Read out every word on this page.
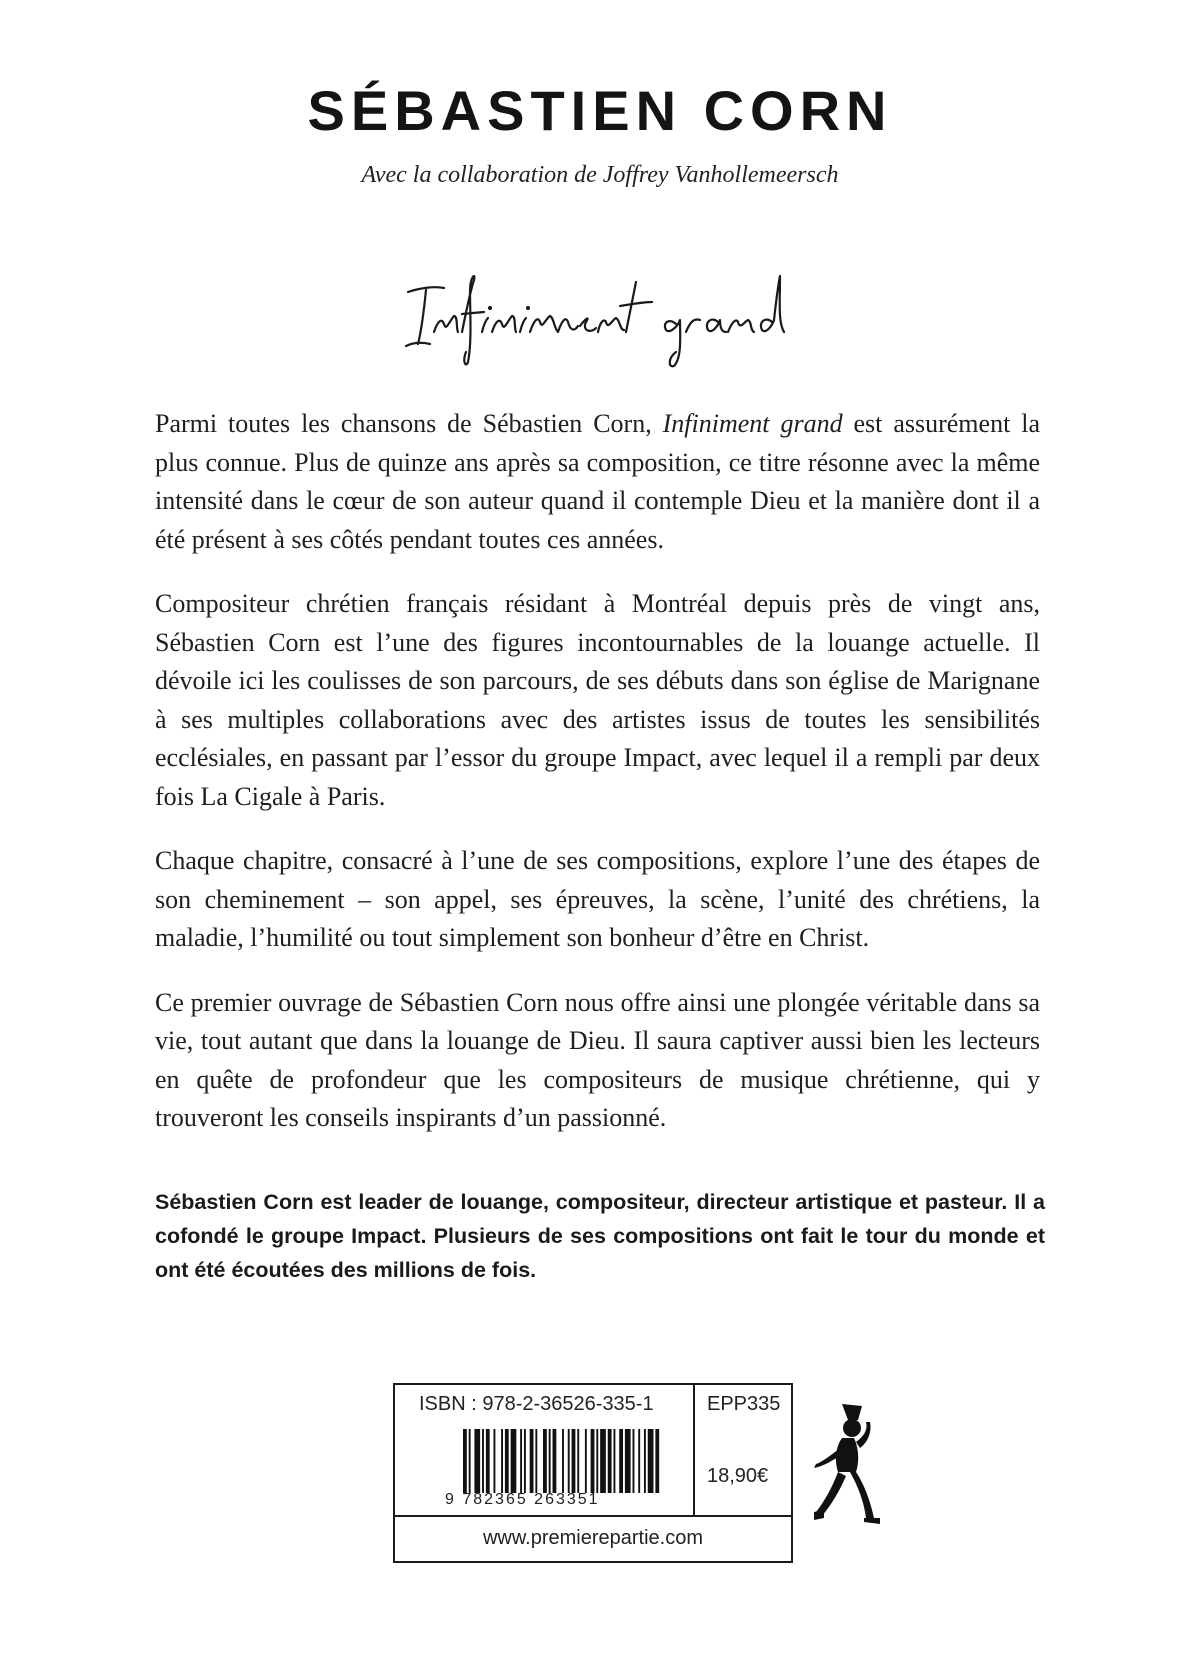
SÉBASTIEN CORN
Avec la collaboration de Joffrey Vanhollemeersch

Parmi toutes les chansons de Sébastien Corn, Infiniment grand est assurément la plus connue. Plus de quinze ans après sa composition, ce titre résonne avec la même intensité dans le cœur de son auteur quand il contemple Dieu et la manière dont il a été présent à ses côtés pendant toutes ces années.

Compositeur chrétien français résidant à Montréal depuis près de vingt ans, Sébastien Corn est l’une des figures incontournables de la louange actuelle. Il dévoile ici les coulisses de son parcours, de ses débuts dans son église de Marignane à ses multiples collaborations avec des artistes issus de toutes les sensibilités ecclésiales, en passant par l’essor du groupe Impact, avec lequel il a rempli par deux fois La Cigale à Paris.

Chaque chapitre, consacré à l’une de ses compositions, explore l’une des étapes de son cheminement – son appel, ses épreuves, la scène, l’unité des chrétiens, la maladie, l’humilité ou tout simplement son bonheur d’être en Christ.

Ce premier ouvrage de Sébastien Corn nous offre ainsi une plongée véritable dans sa vie, tout autant que dans la louange de Dieu. Il saura captiver aussi bien les lecteurs en quête de profondeur que les compositeurs de musique chrétienne, qui y trouveront les conseils inspirants d’un passionné.

Sébastien Corn est leader de louange, compositeur, directeur artistique et pasteur. Il a cofondé le groupe Impact. Plusieurs de ses compositions ont fait le tour du monde et ont été écoutées des millions de fois.

ISBN : 978-2-36526-335-1
9 782365 263351
EPP335
18,90€
www.premierepartie.com
